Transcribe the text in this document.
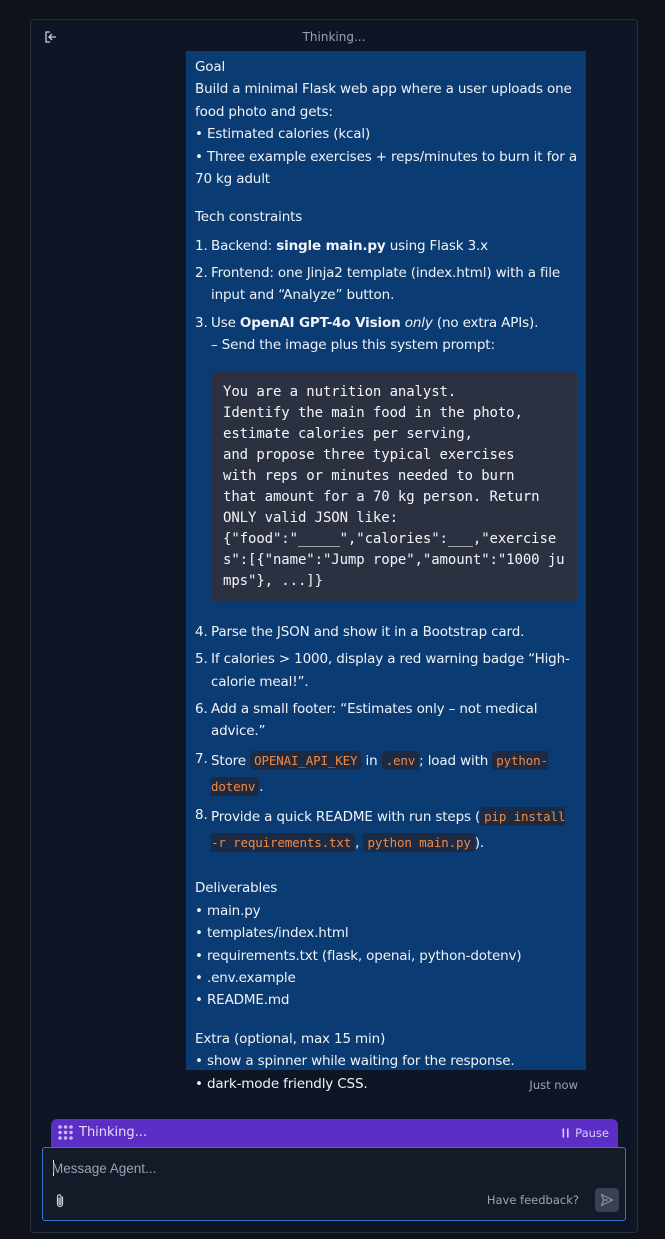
Thinking...

Goal

Build a minimal Flask web app where a user uploads one food photo and gets:

• Estimated calories (kcal)

• Three example exercises + reps/minutes to burn it for a 70 kg adult

Tech constraints

1. Backend: single main.py using Flask 3.x
2. Frontend: one Jinja2 template (index.html) with a file input and “Analyze” button.
3. Use OpenAI GPT-4o Vision only (no extra APIs).
– Send the image plus this system prompt:
You are a nutrition analyst.
Identify the main food in the photo,
estimate calories per serving,
and propose three typical exercises
with reps or minutes needed to burn
that amount for a 70 kg person. Return
ONLY valid JSON like:
{"food":"_____","calories":___,"exercises":[{"name":"Jump rope","amount":"1000 jumps"}, ...]}
4. Parse the JSON and show it in a Bootstrap card.
5. If calories > 1000, display a red warning badge “High-calorie meal!”.
6. Add a small footer: “Estimates only – not medical advice.”
7. Store OPENAI_API_KEY in .env ; load with python-dotenv .
8. Provide a quick README with run steps ( pip install -r requirements.txt , python main.py ).

Deliverables

• main.py

• templates/index.html

• requirements.txt (flask, openai, python-dotenv)

• .env.example

• README.md

Extra (optional, max 15 min)

• show a spinner while waiting for the response.

• dark-mode friendly CSS.	Just now
Thinking...	Pause
Message Agent...
Have feedback?
